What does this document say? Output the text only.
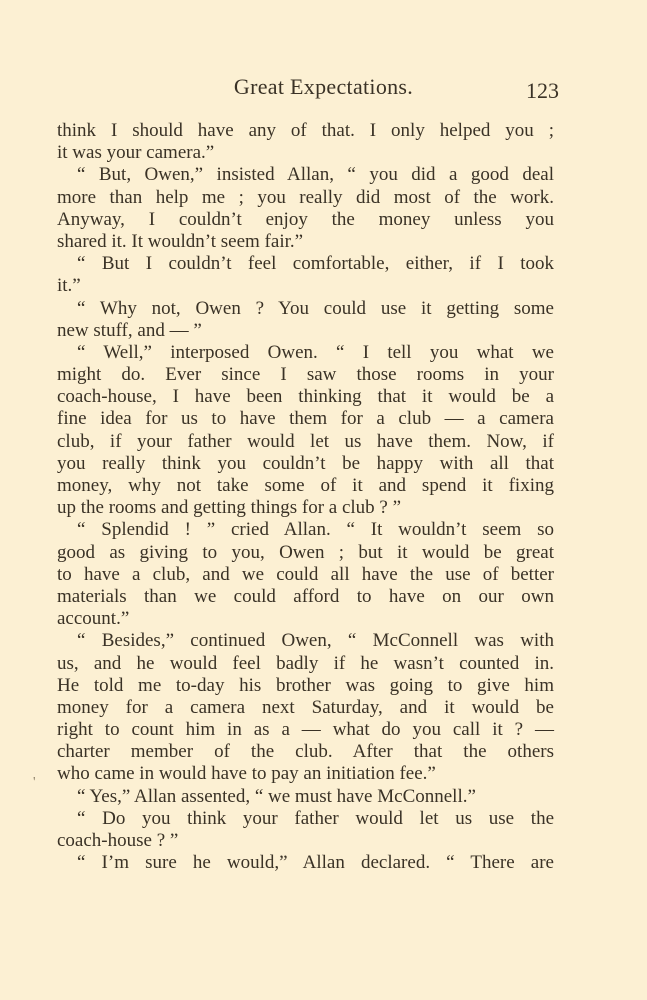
Great Expectations.	123
'
think I should have any of that. I only helped you ;
it was your camera.”
“ But, Owen,” insisted Allan, “ you did a good deal
more than help me ; you really did most of the work.
Anyway, I couldn’t enjoy the money unless you
shared it. It wouldn’t seem fair.”
“ But I couldn’t feel comfortable, either, if I took
it.”
“ Why not, Owen ? You could use it getting some
new stuff, and — ”
“ Well,” interposed Owen. “ I tell you what we
might do. Ever since I saw those rooms in your
coach-house, I have been thinking that it would be a
fine idea for us to have them for a club — a camera
club, if your father would let us have them. Now, if
you really think you couldn’t be happy with all that
money, why not take some of it and spend it fixing
up the rooms and getting things for a club ? ”
“ Splendid ! ” cried Allan. “ It wouldn’t seem so
good as giving to you, Owen ; but it would be great
to have a club, and we could all have the use of better
materials than we could afford to have on our own
account.”
“ Besides,” continued Owen, “ McConnell was with
us, and he would feel badly if he wasn’t counted in.
He told me to-day his brother was going to give him
money for a camera next Saturday, and it would be
right to count him in as a — what do you call it ? —
charter member of the club. After that the others
who came in would have to pay an initiation fee.”
“ Yes,” Allan assented, “ we must have McConnell.”
“ Do you think your father would let us use the
coach-house ? ”
“ I’m sure he would,” Allan declared. “ There are
